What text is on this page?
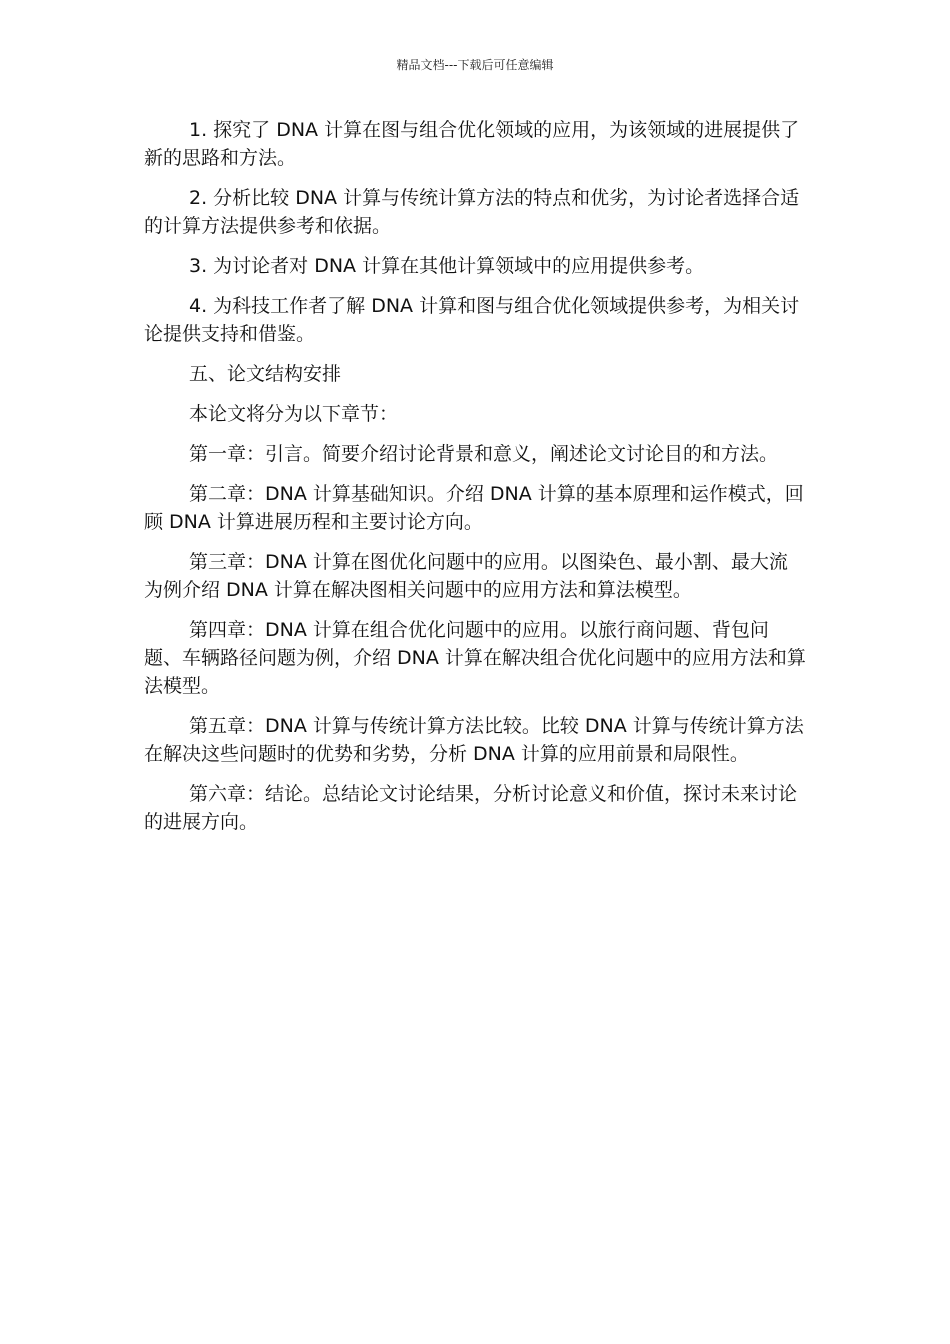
精品文档---下载后可任意编辑

1. 探究了 DNA 计算在图与组合优化领域的应用，为该领域的进展提供了新的思路和方法。

2. 分析比较 DNA 计算与传统计算方法的特点和优劣，为讨论者选择合适的计算方法提供参考和依据。

3. 为讨论者对 DNA 计算在其他计算领域中的应用提供参考。

4. 为科技工作者了解 DNA 计算和图与组合优化领域提供参考，为相关讨论提供支持和借鉴。

五、论文结构安排

本论文将分为以下章节：

第一章：引言。简要介绍讨论背景和意义，阐述论文讨论目的和方法。

第二章：DNA 计算基础知识。介绍 DNA 计算的基本原理和运作模式，回顾 DNA 计算进展历程和主要讨论方向。

第三章：DNA 计算在图优化问题中的应用。以图染色、最小割、最大流为例介绍 DNA 计算在解决图相关问题中的应用方法和算法模型。

第四章：DNA 计算在组合优化问题中的应用。以旅行商问题、背包问题、车辆路径问题为例，介绍 DNA 计算在解决组合优化问题中的应用方法和算法模型。

第五章：DNA 计算与传统计算方法比较。比较 DNA 计算与传统计算方法在解决这些问题时的优势和劣势，分析 DNA 计算的应用前景和局限性。

第六章：结论。总结论文讨论结果，分析讨论意义和价值，探讨未来讨论的进展方向。
